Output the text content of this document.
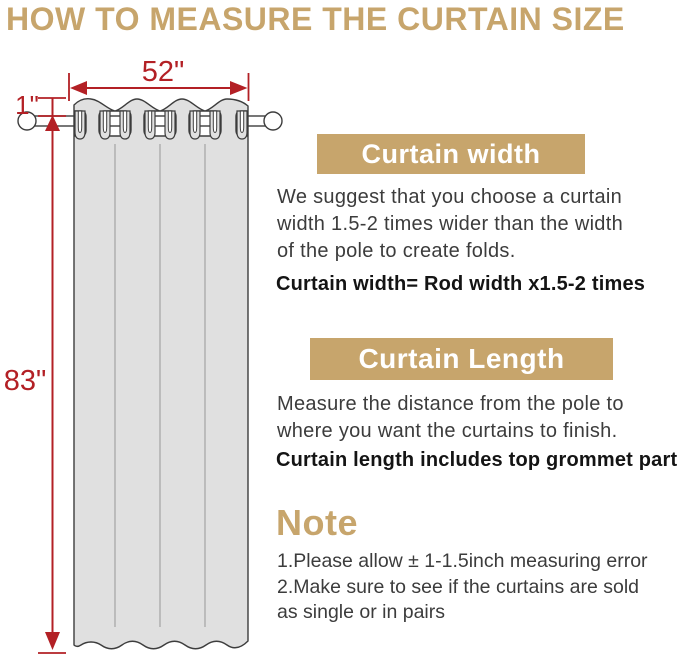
HOW TO MEASURE THE CURTAIN SIZE
52"
1"
83"
Curtain width
We suggest that you choose a curtain
width 1.5-2 times wider than the width
of the pole to create folds.
Curtain width= Rod width x1.5-2 times
Curtain Length
Measure the distance from the pole to
where you want the curtains to finish.
Curtain length includes top grommet part
Note
1.Please allow ± 1-1.5inch measuring error
2.Make sure to see if the curtains are sold
as single or in pairs
